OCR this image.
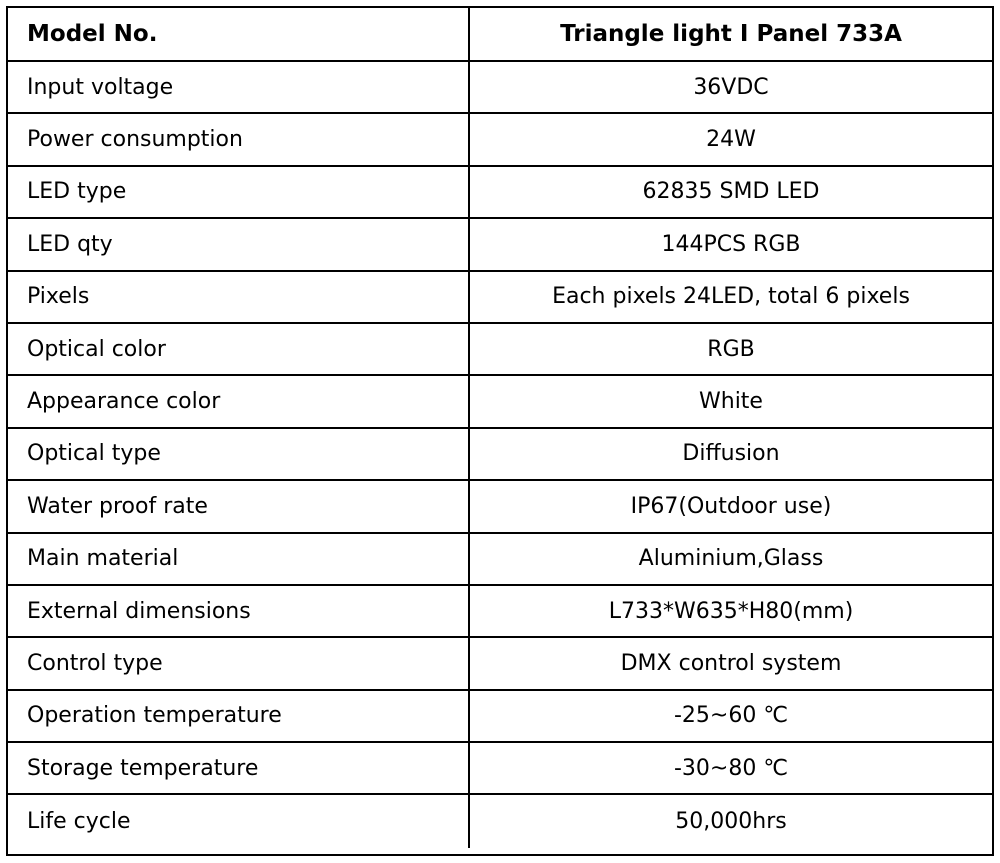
Model No.	Triangle light I Panel 733A
Input voltage	36VDC
Power consumption	24W
LED type	62835 SMD LED
LED qty	144PCS RGB
Pixels	Each pixels 24LED, total 6 pixels
Optical color	RGB
Appearance color	White
Optical type	Diffusion
Water proof rate	IP67(Outdoor use)
Main material	Aluminium,Glass
External dimensions	L733*W635*H80(mm)
Control type	DMX control system
Operation temperature	-25~60 ℃
Storage temperature	-30~80 ℃
Life cycle	50,000hrs
